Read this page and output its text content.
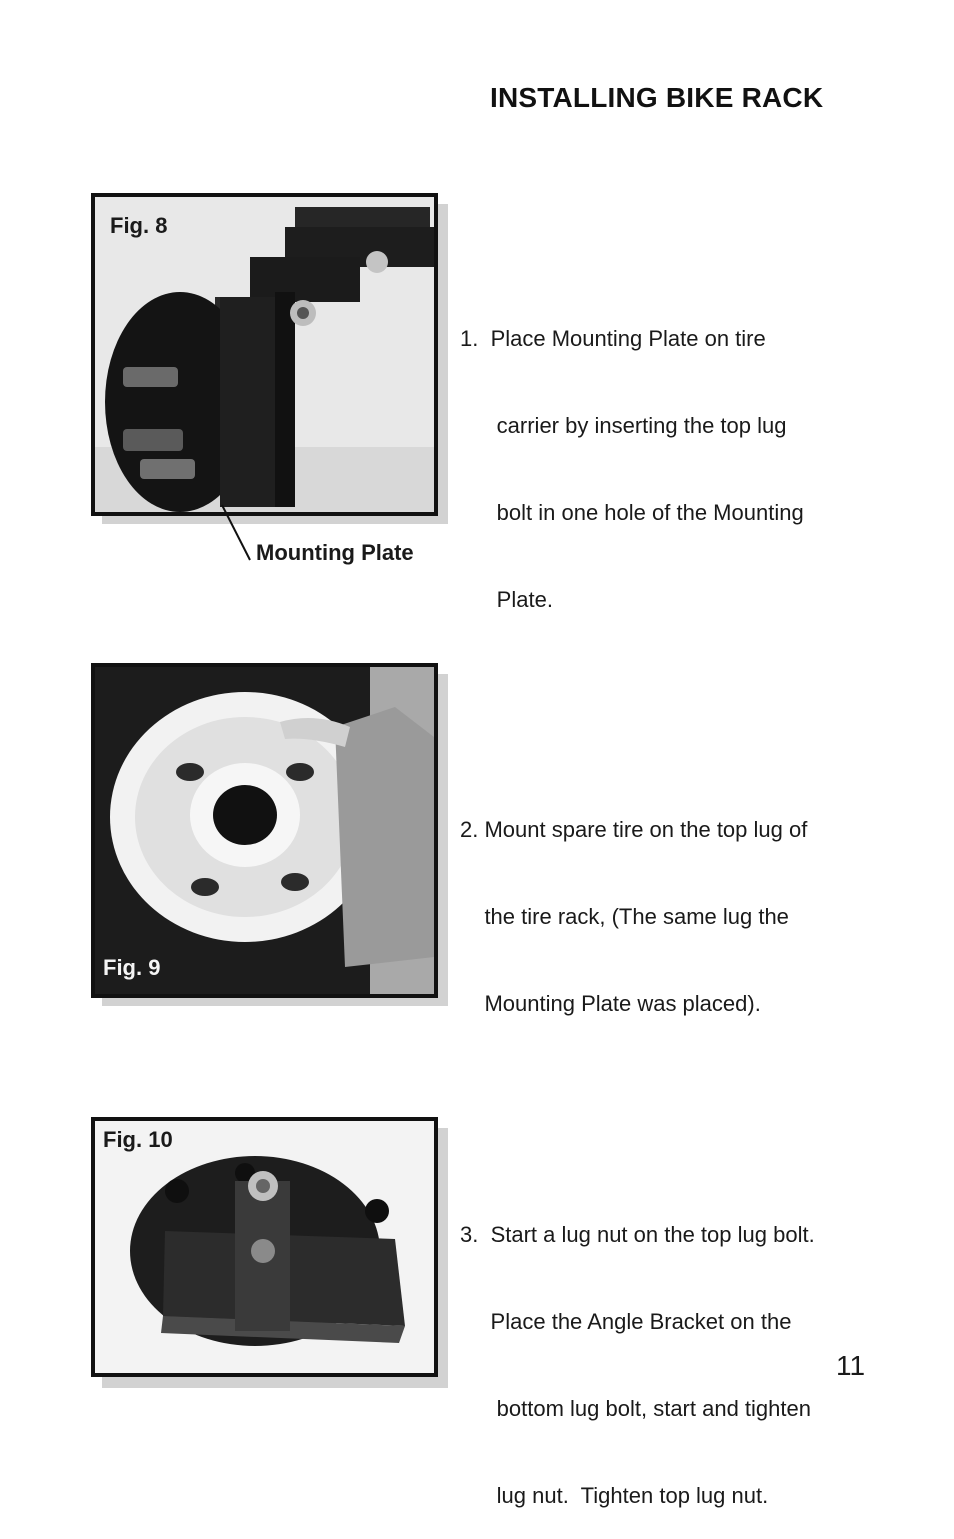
INSTALLING BIKE RACK
Fig. 8
Mounting Plate

1.  Place Mounting Plate on tire

carrier by inserting the top lug

bolt in one hole of the Mounting

Plate.

Fig. 9

2. Mount spare tire on the top lug of

the tire rack, (The same lug the

Mounting Plate was placed).

Fig. 10

3.  Start a lug nut on the top lug bolt.

Place the Angle Bracket on the

bottom lug bolt, start and tighten

lug nut.  Tighten top lug nut.

11
